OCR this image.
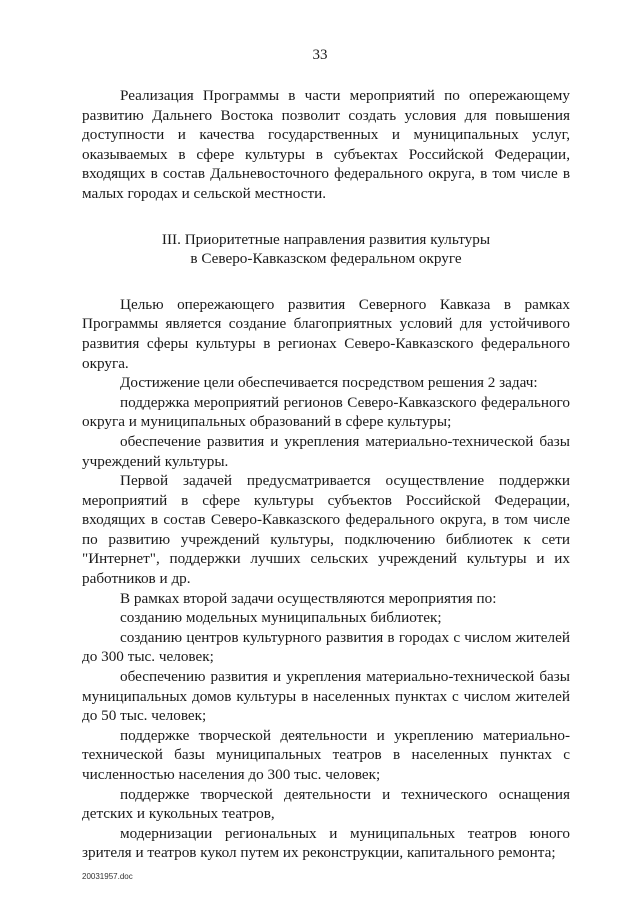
33

Реализация Программы в части мероприятий по опережающему развитию Дальнего Востока позволит создать условия для повышения доступности и качества государственных и муниципальных услуг, оказываемых в сфере культуры в субъектах Российской Федерации, входящих в состав Дальневосточного федерального округа, в том числе в малых городах и сельской местности.

III. Приоритетные направления развития культуры
в Северо-Кавказском федеральном округе

Целью опережающего развития Северного Кавказа в рамках Программы является создание благоприятных условий для устойчивого развития сферы культуры в регионах Северо-Кавказского федерального округа.

Достижение цели обеспечивается посредством решения 2 задач:

поддержка мероприятий регионов Северо-Кавказского федерального округа и муниципальных образований в сфере культуры;

обеспечение развития и укрепления материально-технической базы учреждений культуры.

Первой задачей предусматривается осуществление поддержки мероприятий в сфере культуры субъектов Российской Федерации, входящих в состав Северо-Кавказского федерального округа, в том числе по развитию учреждений культуры, подключению библиотек к сети "Интернет", поддержки лучших сельских учреждений культуры и их работников и др.

В рамках второй задачи осуществляются мероприятия по:

созданию модельных муниципальных библиотек;

созданию центров культурного развития в городах с числом жителей до 300 тыс. человек;

обеспечению развития и укрепления материально-технической базы муниципальных домов культуры в населенных пунктах с числом жителей до 50 тыс. человек;

поддержке творческой деятельности и укреплению материально-технической базы муниципальных театров в населенных пунктах с численностью населения до 300 тыс. человек;

поддержке творческой деятельности и технического оснащения детских и кукольных театров,

модернизации региональных и муниципальных театров юного зрителя и театров кукол путем их реконструкции, капитального ремонта;

20031957.doc
